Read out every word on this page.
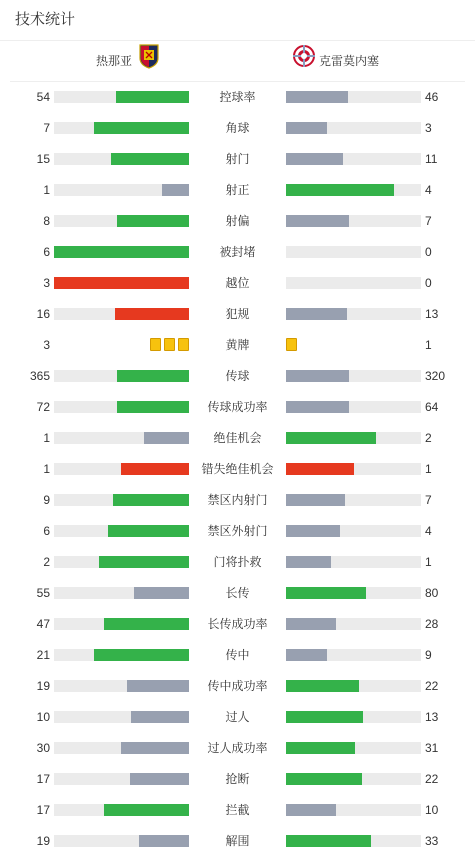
技术统计
热那亚	克雷莫内塞
54	控球率	46
7	角球	3
15	射门	11
1	射正	4
8	射偏	7
6	被封堵	0
3	越位	0
16	犯规	13
3	黄牌	1
365	传球	320
72	传球成功率	64
1	绝佳机会	2
1	错失绝佳机会	1
9	禁区内射门	7
6	禁区外射门	4
2	门将扑救	1
55	长传	80
47	长传成功率	28
21	传中	9
19	传中成功率	22
10	过人	13
30	过人成功率	31
17	抢断	22
17	拦截	10
19	解围	33
